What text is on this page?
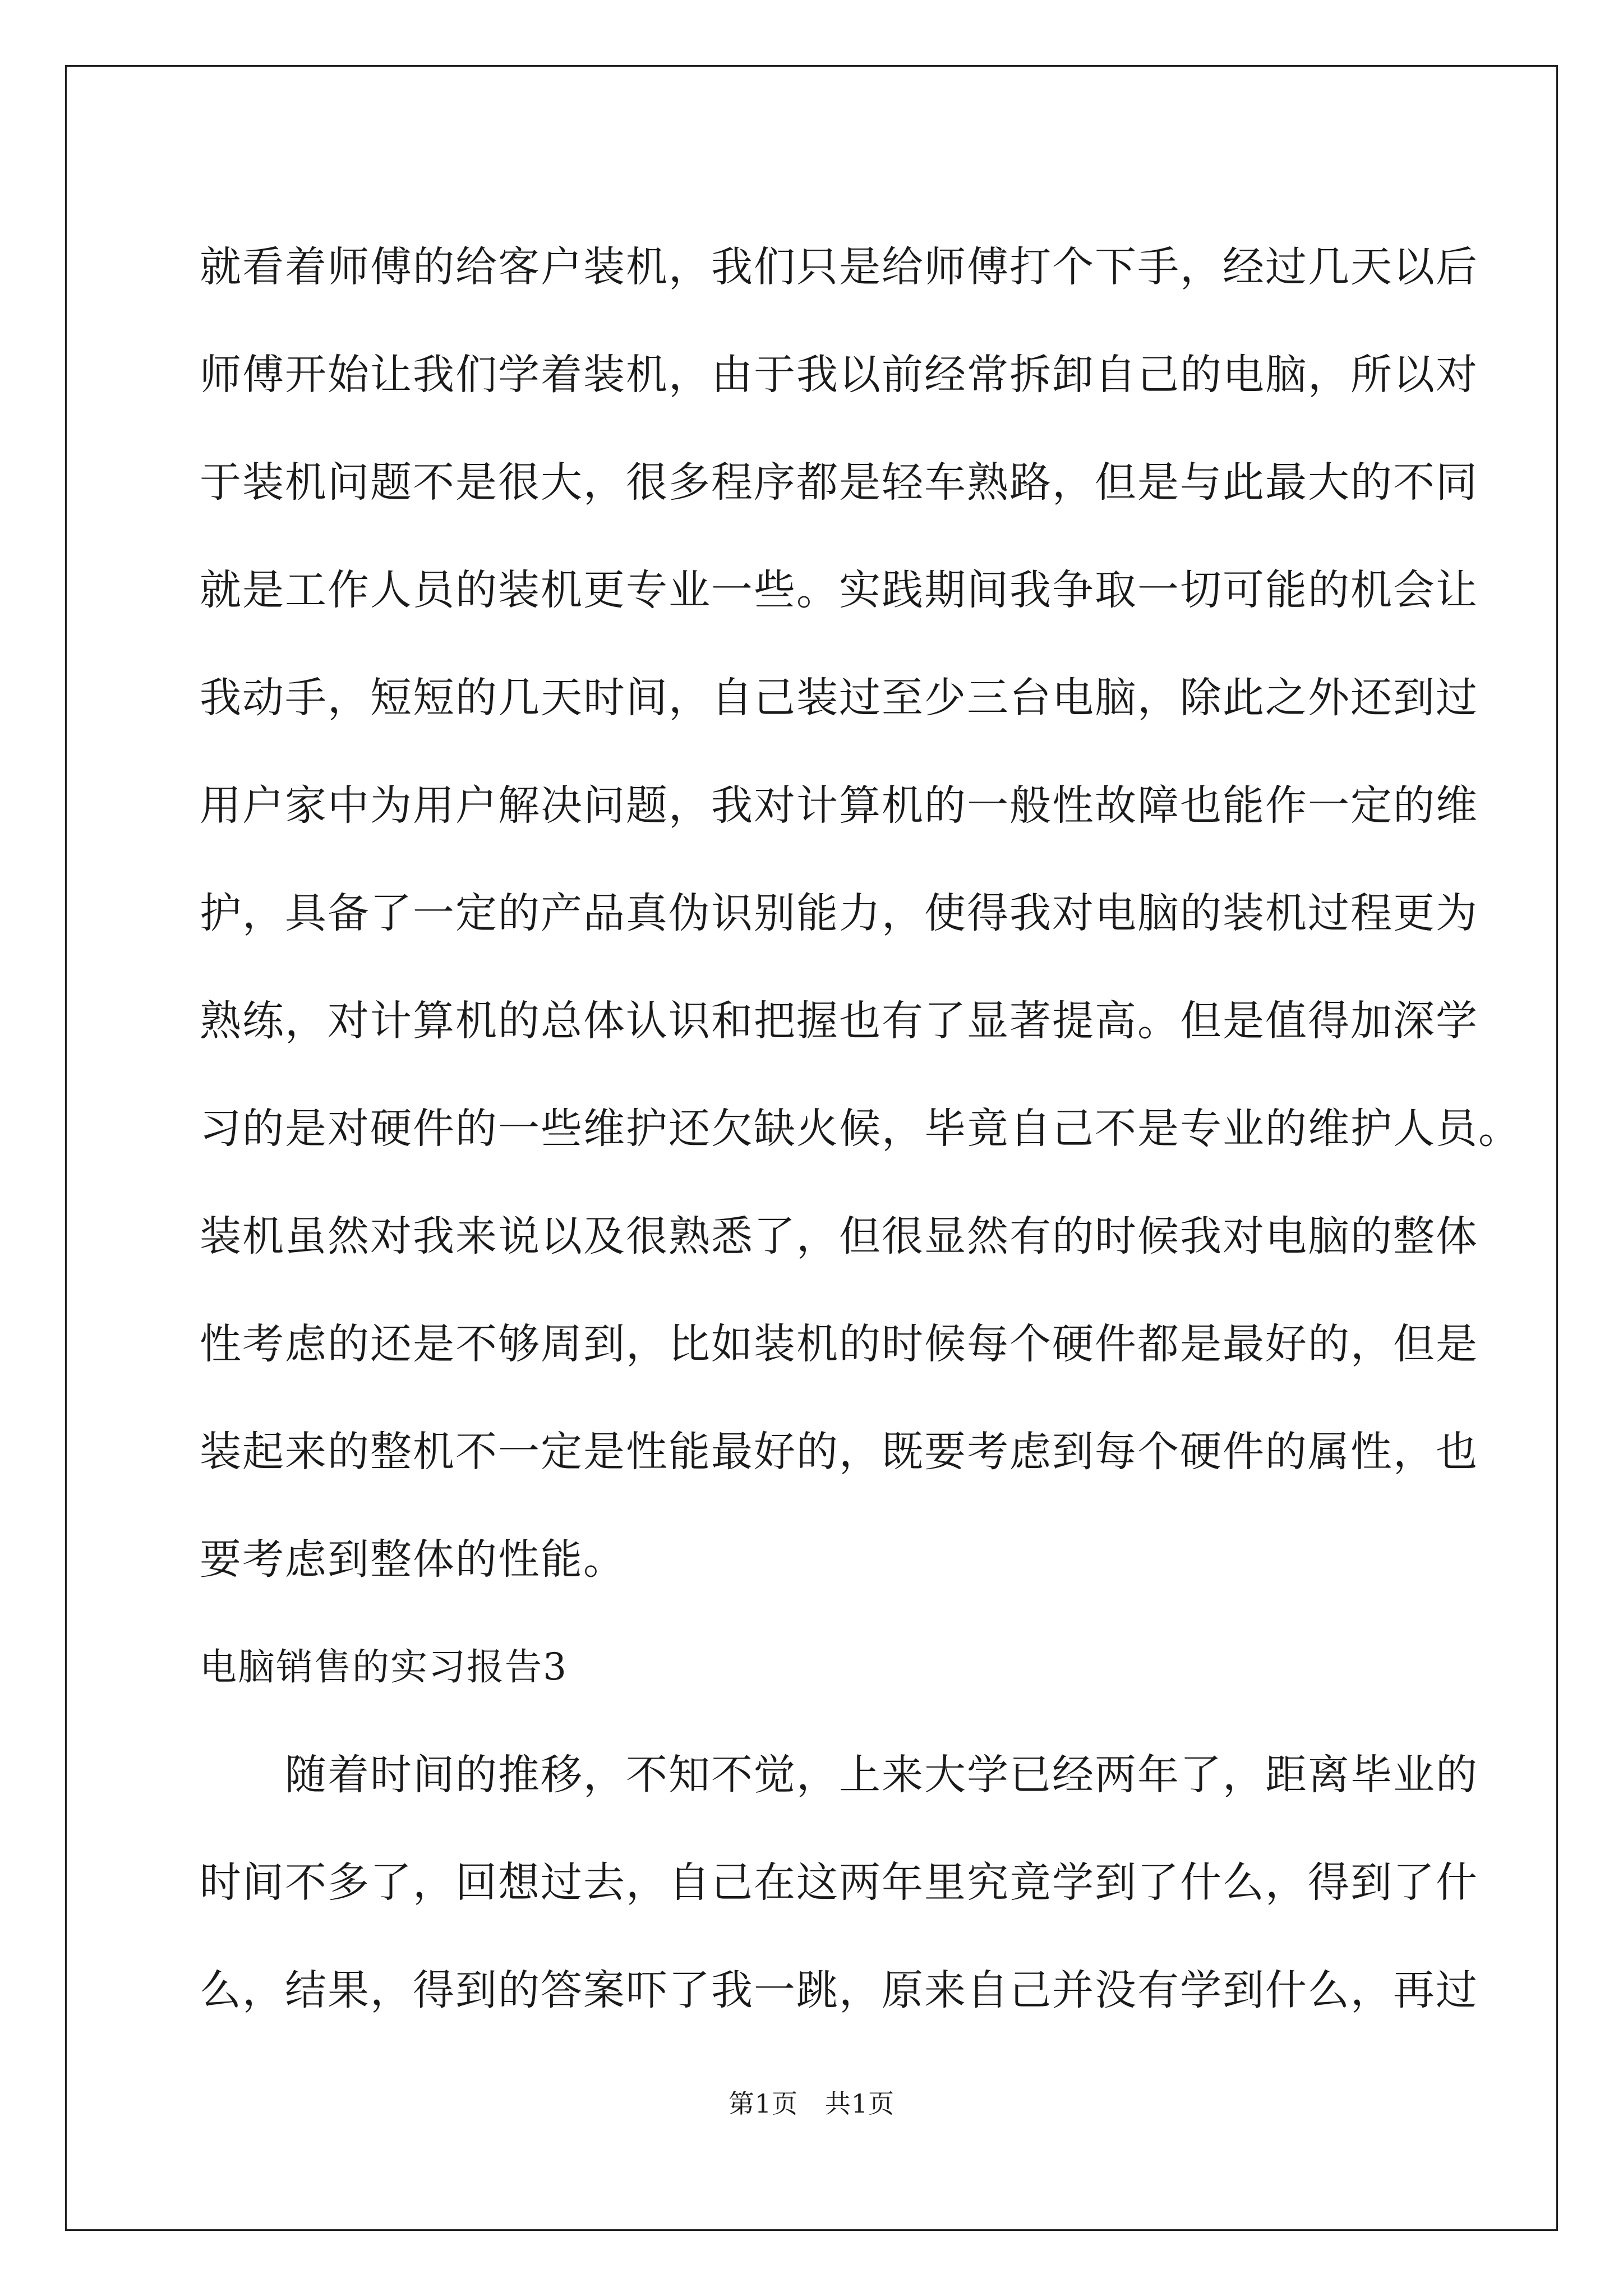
就看着师傅的给客户装机，我们只是给师傅打个下手，经过几天以后
师傅开始让我们学着装机，由于我以前经常拆卸自己的电脑，所以对
于装机问题不是很大，很多程序都是轻车熟路，但是与此最大的不同
就是工作人员的装机更专业一些。实践期间我争取一切可能的机会让
我动手，短短的几天时间，自己装过至少三台电脑，除此之外还到过
用户家中为用户解决问题，我对计算机的一般性故障也能作一定的维
护，具备了一定的产品真伪识别能力，使得我对电脑的装机过程更为
熟练，对计算机的总体认识和把握也有了显著提高。但是值得加深学
习的是对硬件的一些维护还欠缺火候，毕竟自己不是专业的维护人员。
装机虽然对我来说以及很熟悉了，但很显然有的时候我对电脑的整体
性考虑的还是不够周到，比如装机的时候每个硬件都是最好的，但是
装起来的整机不一定是性能最好的，既要考虑到每个硬件的属性，也
要考虑到整体的性能。
电脑销售的实习报告3
　　随着时间的推移，不知不觉，上来大学已经两年了，距离毕业的
时间不多了，回想过去，自己在这两年里究竟学到了什么，得到了什
么，结果，得到的答案吓了我一跳，原来自己并没有学到什么，再过
第1页 共1页
